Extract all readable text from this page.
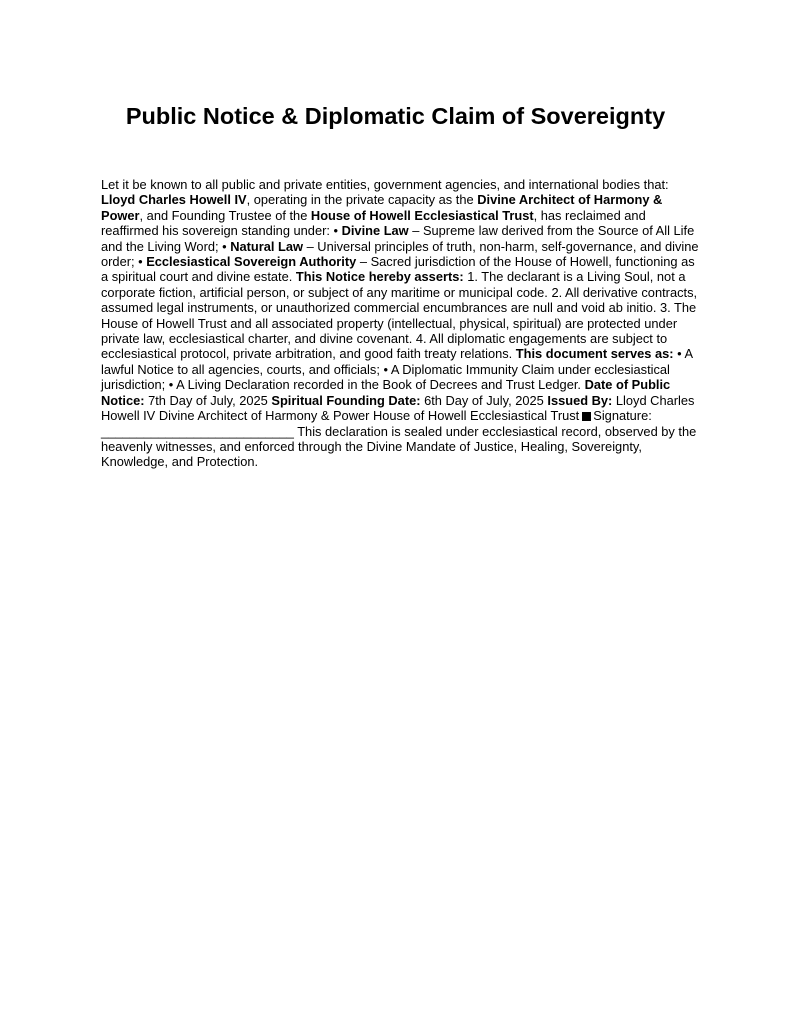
Public Notice & Diplomatic Claim of Sovereignty

Let it be known to all public and private entities, government agencies, and international bodies that: Lloyd Charles Howell IV, operating in the private capacity as the Divine Architect of Harmony & Power, and Founding Trustee of the House of Howell Ecclesiastical Trust, has reclaimed and reaffirmed his sovereign standing under: • Divine Law – Supreme law derived from the Source of All Life and the Living Word; • Natural Law – Universal principles of truth, non-harm, self-governance, and divine order; • Ecclesiastical Sovereign Authority – Sacred jurisdiction of the House of Howell, functioning as a spiritual court and divine estate. This Notice hereby asserts: 1. The declarant is a Living Soul, not a corporate fiction, artificial person, or subject of any maritime or municipal code. 2. All derivative contracts, assumed legal instruments, or unauthorized commercial encumbrances are null and void ab initio. 3. The House of Howell Trust and all associated property (intellectual, physical, spiritual) are protected under private law, ecclesiastical charter, and divine covenant. 4. All diplomatic engagements are subject to ecclesiastical protocol, private arbitration, and good faith treaty relations. This document serves as: • A lawful Notice to all agencies, courts, and officials; • A Diplomatic Immunity Claim under ecclesiastical jurisdiction; • A Living Declaration recorded in the Book of Decrees and Trust Ledger. Date of Public Notice: 7th Day of July, 2025 Spiritual Founding Date: 6th Day of July, 2025 Issued By: Lloyd Charles Howell IV Divine Architect of Harmony & Power House of Howell Ecclesiastical Trust Signature: ___________________________ This declaration is sealed under ecclesiastical record, observed by the heavenly witnesses, and enforced through the Divine Mandate of Justice, Healing, Sovereignty, Knowledge, and Protection.
